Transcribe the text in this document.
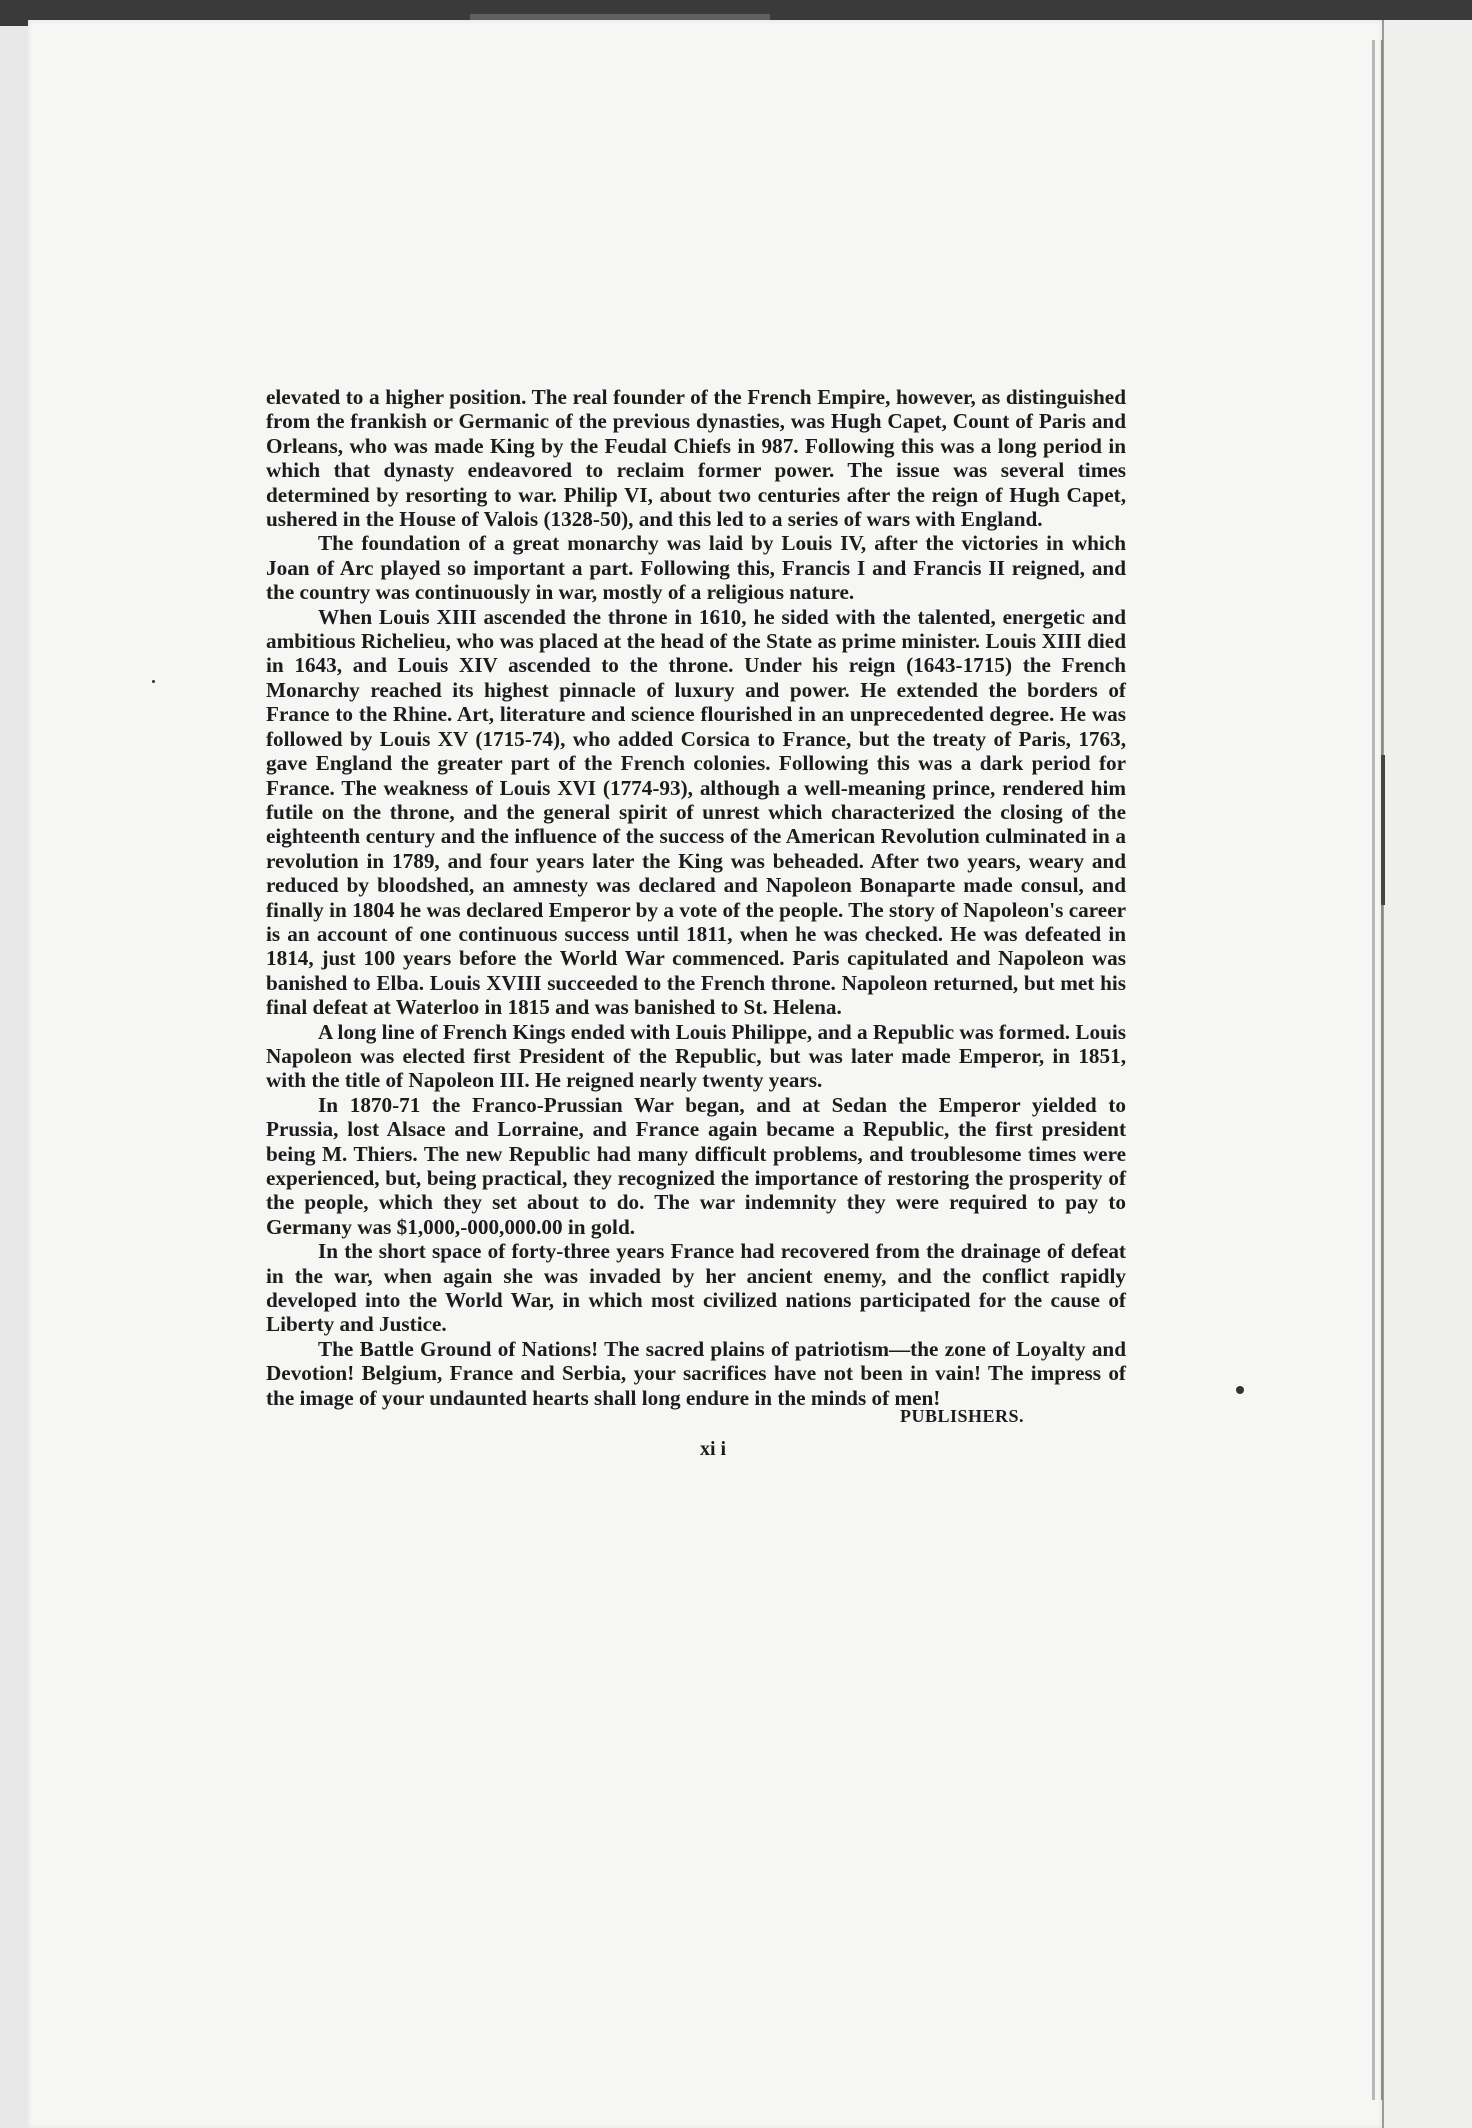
elevated to a higher position. The real founder of the French Empire, however, as distinguished from the frankish or Germanic of the previous dynasties, was Hugh Capet, Count of Paris and Orleans, who was made King by the Feudal Chiefs in 987. Following this was a long period in which that dynasty endeavored to reclaim former power. The issue was several times determined by resorting to war. Philip VI, about two centuries after the reign of Hugh Capet, ushered in the House of Valois (1328-50), and this led to a series of wars with England.

The foundation of a great monarchy was laid by Louis IV, after the victories in which Joan of Arc played so important a part. Following this, Francis I and Francis II reigned, and the country was continuously in war, mostly of a religious nature.

When Louis XIII ascended the throne in 1610, he sided with the talented, energetic and ambitious Richelieu, who was placed at the head of the State as prime minister. Louis XIII died in 1643, and Louis XIV ascended to the throne. Under his reign (1643-1715) the French Monarchy reached its highest pinnacle of luxury and power. He extended the borders of France to the Rhine. Art, literature and science flourished in an unprecedented degree. He was followed by Louis XV (1715-74), who added Corsica to France, but the treaty of Paris, 1763, gave England the greater part of the French colonies. Following this was a dark period for France. The weakness of Louis XVI (1774-93), although a well-meaning prince, rendered him futile on the throne, and the general spirit of unrest which characterized the closing of the eighteenth century and the influence of the success of the American Revolution culminated in a revolution in 1789, and four years later the King was beheaded. After two years, weary and reduced by bloodshed, an amnesty was declared and Napoleon Bonaparte made consul, and finally in 1804 he was declared Emperor by a vote of the people. The story of Napoleon's career is an account of one continuous success until 1811, when he was checked. He was defeated in 1814, just 100 years before the World War commenced. Paris capitulated and Napoleon was banished to Elba. Louis XVIII succeeded to the French throne. Napoleon returned, but met his final defeat at Waterloo in 1815 and was banished to St. Helena.

A long line of French Kings ended with Louis Philippe, and a Republic was formed. Louis Napoleon was elected first President of the Republic, but was later made Emperor, in 1851, with the title of Napoleon III. He reigned nearly twenty years.

In 1870-71 the Franco-Prussian War began, and at Sedan the Emperor yielded to Prussia, lost Alsace and Lorraine, and France again became a Republic, the first president being M. Thiers. The new Republic had many difficult problems, and troublesome times were experienced, but, being practical, they recognized the importance of restoring the prosperity of the people, which they set about to do. The war indemnity they were required to pay to Germany was $1,000,-000,000.00 in gold.

In the short space of forty-three years France had recovered from the drainage of defeat in the war, when again she was invaded by her ancient enemy, and the conflict rapidly developed into the World War, in which most civilized nations participated for the cause of Liberty and Justice.

The Battle Ground of Nations! The sacred plains of patriotism—the zone of Loyalty and Devotion! Belgium, France and Serbia, your sacrifices have not been in vain! The impress of the image of your undaunted hearts shall long endure in the minds of men!

PUBLISHERS.
xi i
